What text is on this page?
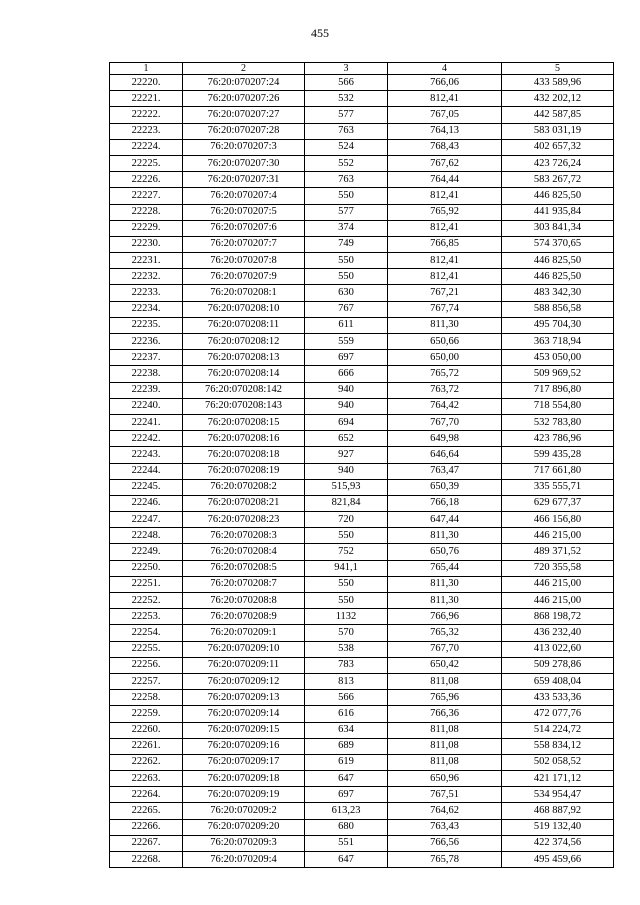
455
1	2	3	4	5
22220.	76:20:070207:24	566	766,06	433 589,96
22221.	76:20:070207:26	532	812,41	432 202,12
22222.	76:20:070207:27	577	767,05	442 587,85
22223.	76:20:070207:28	763	764,13	583 031,19
22224.	76:20:070207:3	524	768,43	402 657,32
22225.	76:20:070207:30	552	767,62	423 726,24
22226.	76:20:070207:31	763	764,44	583 267,72
22227.	76:20:070207:4	550	812,41	446 825,50
22228.	76:20:070207:5	577	765,92	441 935,84
22229.	76:20:070207:6	374	812,41	303 841,34
22230.	76:20:070207:7	749	766,85	574 370,65
22231.	76:20:070207:8	550	812,41	446 825,50
22232.	76:20:070207:9	550	812,41	446 825,50
22233.	76:20:070208:1	630	767,21	483 342,30
22234.	76:20:070208:10	767	767,74	588 856,58
22235.	76:20:070208:11	611	811,30	495 704,30
22236.	76:20:070208:12	559	650,66	363 718,94
22237.	76:20:070208:13	697	650,00	453 050,00
22238.	76:20:070208:14	666	765,72	509 969,52
22239.	76:20:070208:142	940	763,72	717 896,80
22240.	76:20:070208:143	940	764,42	718 554,80
22241.	76:20:070208:15	694	767,70	532 783,80
22242.	76:20:070208:16	652	649,98	423 786,96
22243.	76:20:070208:18	927	646,64	599 435,28
22244.	76:20:070208:19	940	763,47	717 661,80
22245.	76:20:070208:2	515,93	650,39	335 555,71
22246.	76:20:070208:21	821,84	766,18	629 677,37
22247.	76:20:070208:23	720	647,44	466 156,80
22248.	76:20:070208:3	550	811,30	446 215,00
22249.	76:20:070208:4	752	650,76	489 371,52
22250.	76:20:070208:5	941,1	765,44	720 355,58
22251.	76:20:070208:7	550	811,30	446 215,00
22252.	76:20:070208:8	550	811,30	446 215,00
22253.	76:20:070208:9	1132	766,96	868 198,72
22254.	76:20:070209:1	570	765,32	436 232,40
22255.	76:20:070209:10	538	767,70	413 022,60
22256.	76:20:070209:11	783	650,42	509 278,86
22257.	76:20:070209:12	813	811,08	659 408,04
22258.	76:20:070209:13	566	765,96	433 533,36
22259.	76:20:070209:14	616	766,36	472 077,76
22260.	76:20:070209:15	634	811,08	514 224,72
22261.	76:20:070209:16	689	811,08	558 834,12
22262.	76:20:070209:17	619	811,08	502 058,52
22263.	76:20:070209:18	647	650,96	421 171,12
22264.	76:20:070209:19	697	767,51	534 954,47
22265.	76:20:070209:2	613,23	764,62	468 887,92
22266.	76:20:070209:20	680	763,43	519 132,40
22267.	76:20:070209:3	551	766,56	422 374,56
22268.	76:20:070209:4	647	765,78	495 459,66
